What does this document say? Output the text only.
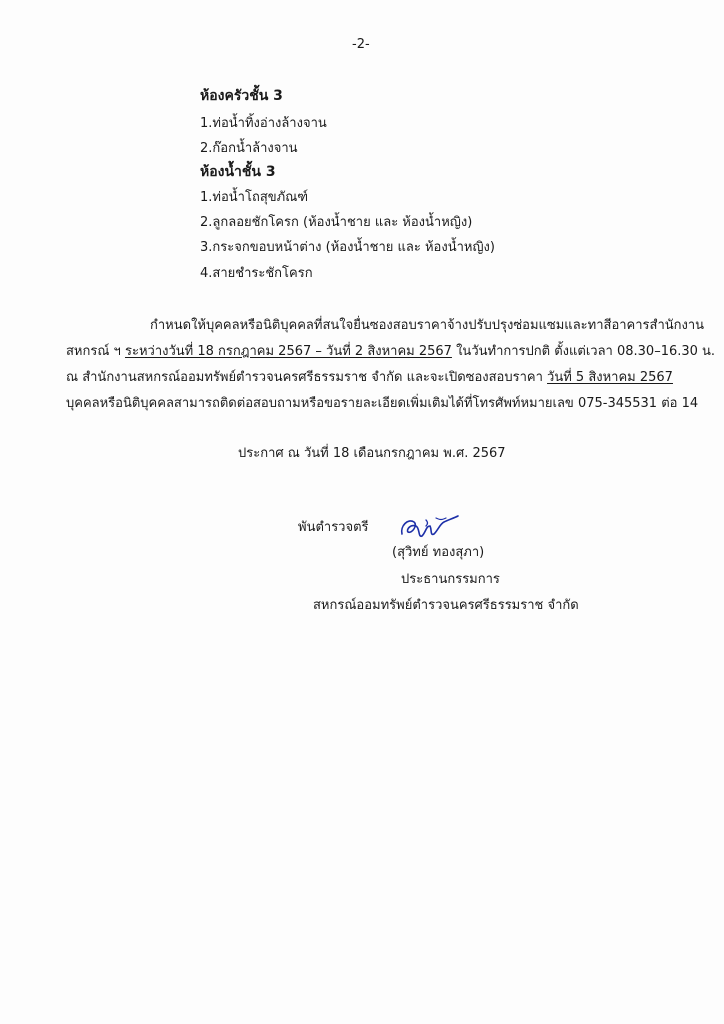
-2-
ห้องครัวชั้น 3
1.ท่อน้ำทิ้งอ่างล้างจาน
2.ก๊อกน้ำล้างจาน
ห้องน้ำชั้น 3
1.ท่อน้ำโถสุขภัณฑ์
2.ลูกลอยชักโครก (ห้องน้ำชาย และ ห้องน้ำหญิง)
3.กระจกขอบหน้าต่าง (ห้องน้ำชาย และ ห้องน้ำหญิง)
4.สายชำระชักโครก
กำหนดให้บุคคลหรือนิติบุคคลที่สนใจยื่นซองสอบราคาจ้างปรับปรุงซ่อมแซมและทาสีอาคารสำนักงาน
สหกรณ์ ฯ ระหว่างวันที่ 18 กรกฎาคม 2567 – วันที่ 2 สิงหาคม 2567 ในวันทำการปกติ ตั้งแต่เวลา 08.30–16.30 น.
ณ สำนักงานสหกรณ์ออมทรัพย์ตำรวจนครศรีธรรมราช จำกัด และจะเปิดซองสอบราคา วันที่ 5 สิงหาคม 2567
บุคคลหรือนิติบุคคลสามารถติดต่อสอบถามหรือขอรายละเอียดเพิ่มเติมได้ที่โทรศัพท์หมายเลข 075-345531 ต่อ 14
ประกาศ ณ วันที่ 18 เดือนกรกฎาคม พ.ศ. 2567
พันตำรวจตรี
(สุวิทย์ ทองสุภา)
ประธานกรรมการ
สหกรณ์ออมทรัพย์ตำรวจนครศรีธรรมราช จำกัด
